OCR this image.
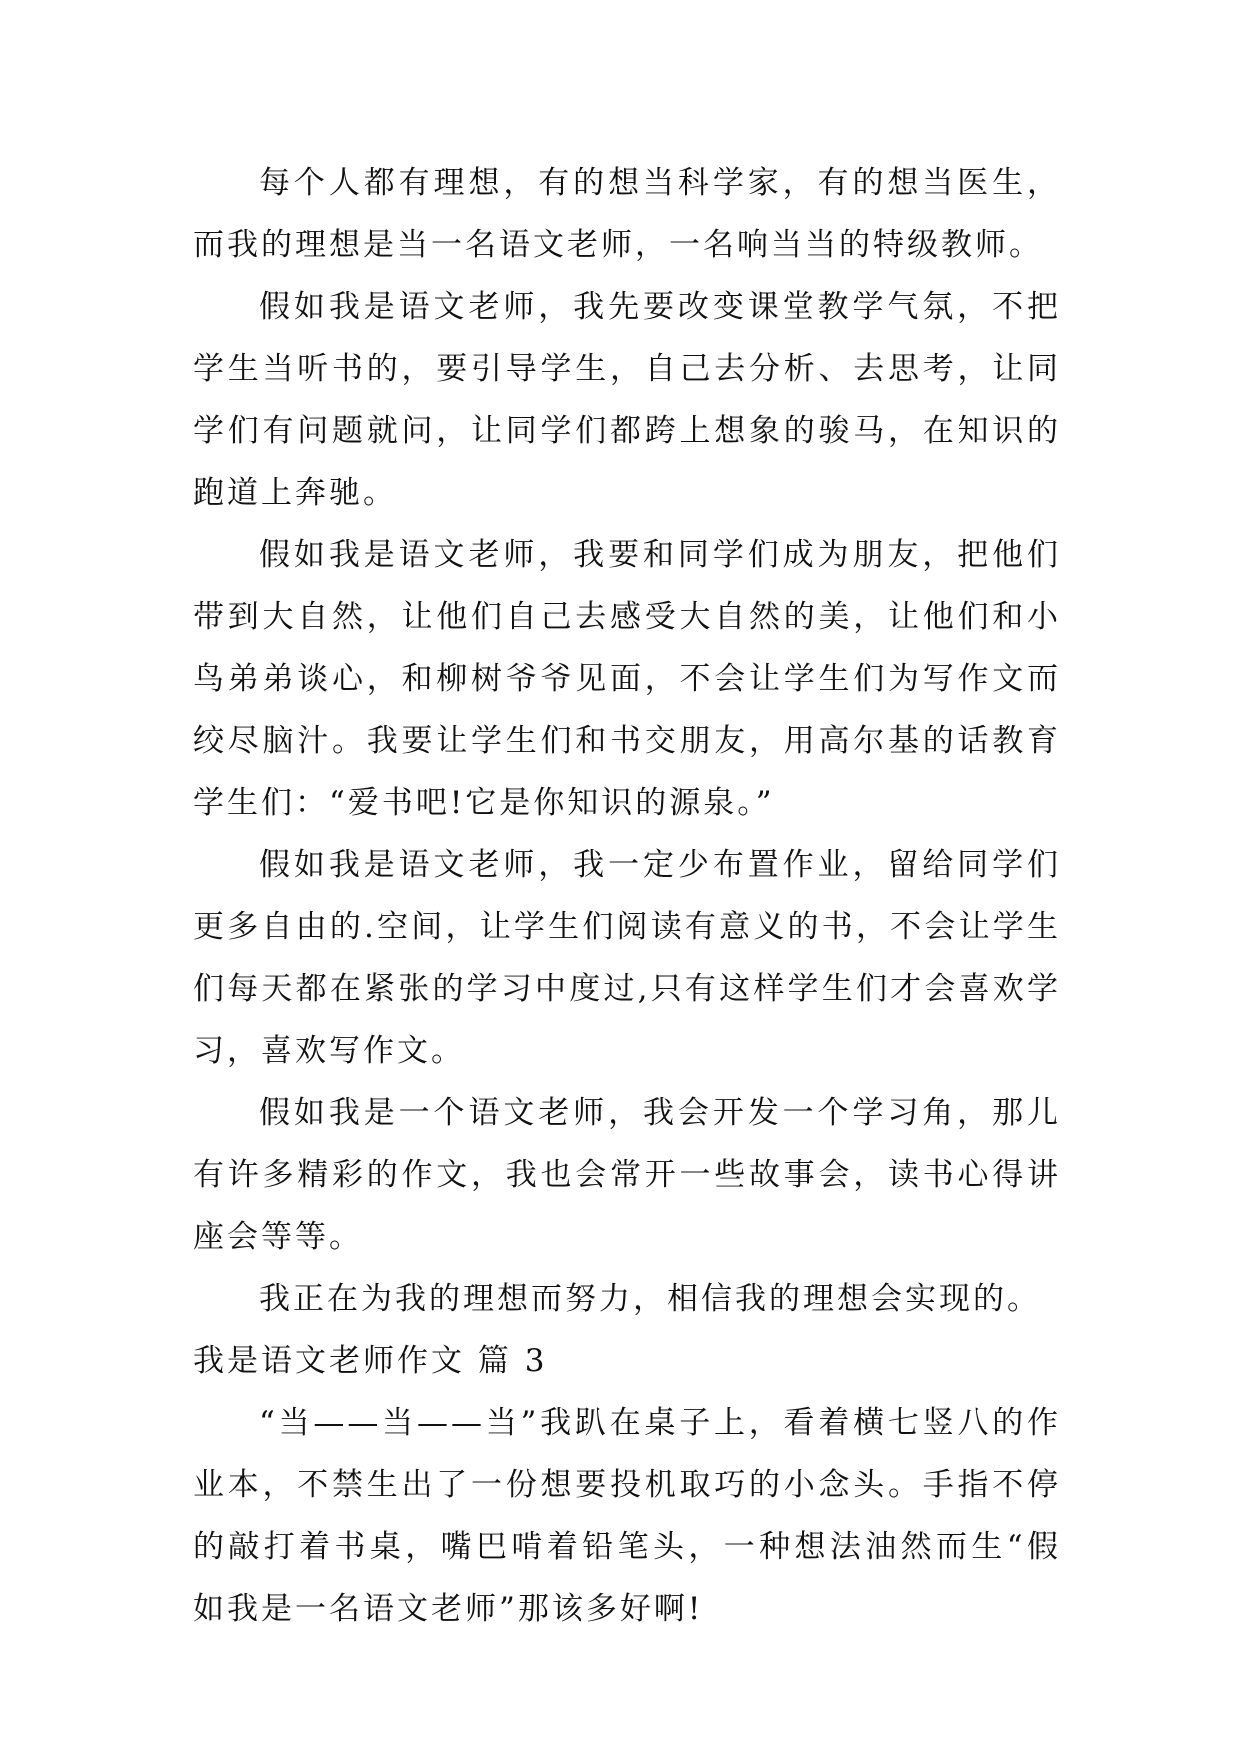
每个人都有理想，有的想当科学家，有的想当医生，而我的理想是当一名语文老师，一名响当当的特级教师。

假如我是语文老师，我先要改变课堂教学气氛，不把学生当听书的，要引导学生，自己去分析、去思考，让同学们有问题就问，让同学们都跨上想象的骏马，在知识的跑道上奔驰。

假如我是语文老师，我要和同学们成为朋友，把他们带到大自然，让他们自己去感受大自然的美，让他们和小鸟弟弟谈心，和柳树爷爷见面，不会让学生们为写作文而绞尽脑汁。我要让学生们和书交朋友，用高尔基的话教育学生们：“爱书吧!它是你知识的源泉。”

假如我是语文老师，我一定少布置作业，留给同学们更多自由的.空间，让学生们阅读有意义的书，不会让学生们每天都在紧张的学习中度过,只有这样学生们才会喜欢学习，喜欢写作文。

假如我是一个语文老师，我会开发一个学习角，那儿有许多精彩的作文，我也会常开一些故事会，读书心得讲座会等等。

我正在为我的理想而努力，相信我的理想会实现的。

我是语文老师作文 篇 3

“当——当——当”我趴在桌子上，看着横七竖八的作业本，不禁生出了一份想要投机取巧的小念头。手指不停的敲打着书桌，嘴巴啃着铅笔头，一种想法油然而生“假如我是一名语文老师”那该多好啊!
